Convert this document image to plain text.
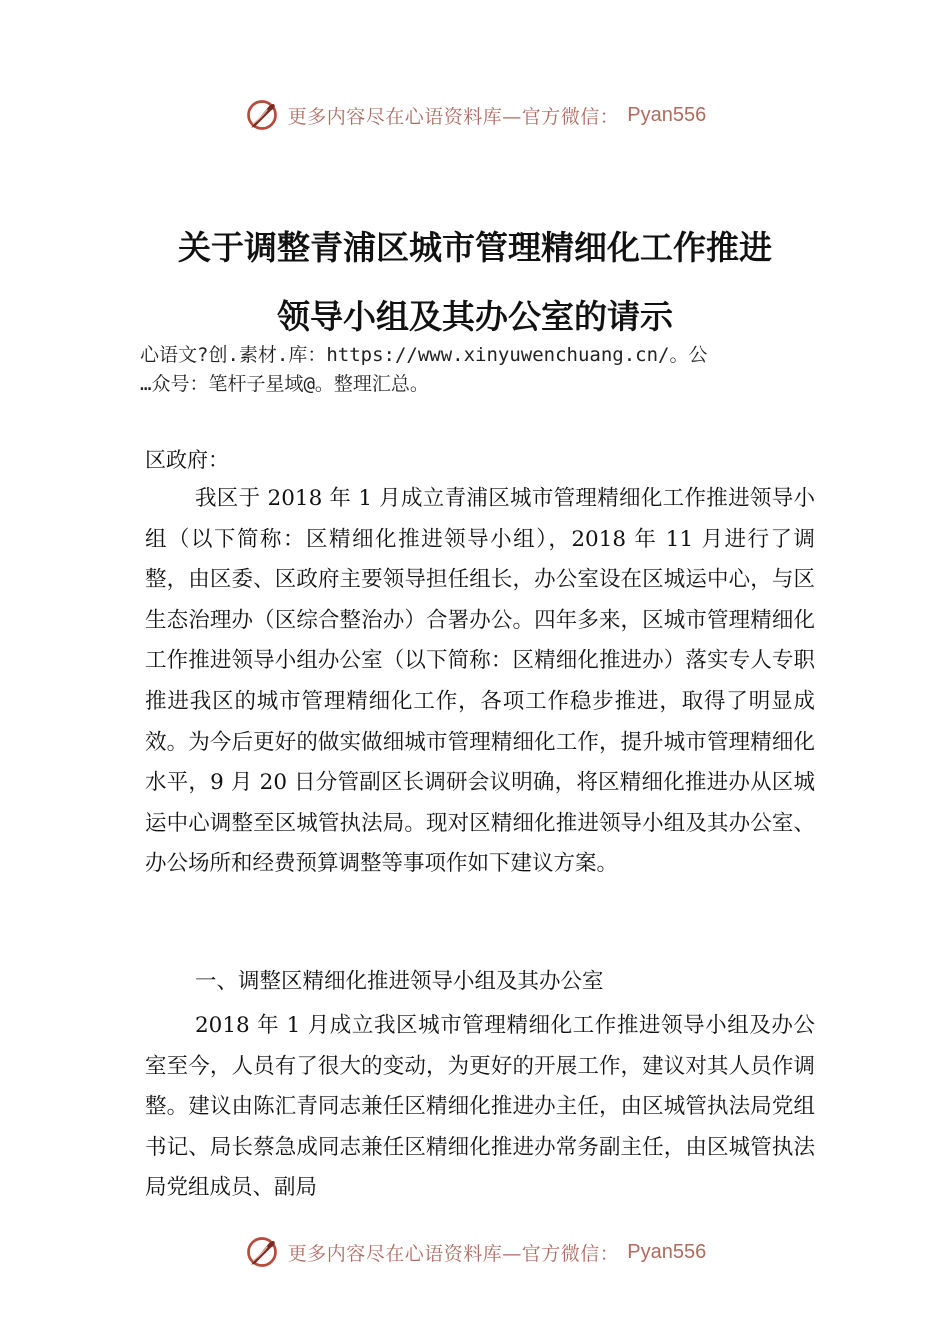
更多内容尽在心语资料库—官方微信： Pyan556
关于调整青浦区城市管理精细化工作推进
领导小组及其办公室的请示
心语文?创.素材.库：https://www.xinyuwenchuang.cn/。公
…众号：笔杆子星域@。整理汇总。
区政府：
我区于 2018 年 1 月成立青浦区城市管理精细化工作推进领导小组（以下简称：区精细化推进领导小组），2018 年 11 月进行了调整，由区委、区政府主要领导担任组长，办公室设在区城运中心，与区生态治理办（区综合整治办）合署办公。四年多来，区城市管理精细化工作推进领导小组办公室（以下简称：区精细化推进办）落实专人专职推进我区的城市管理精细化工作，各项工作稳步推进，取得了明显成效。为今后更好的做实做细城市管理精细化工作，提升城市管理精细化水平，9 月 20 日分管副区长调研会议明确，将区精细化推进办从区城运中心调整至区城管执法局。现对区精细化推进领导小组及其办公室、办公场所和经费预算调整等事项作如下建议方案。
一、调整区精细化推进领导小组及其办公室
2018 年 1 月成立我区城市管理精细化工作推进领导小组及办公室至今，人员有了很大的变动，为更好的开展工作，建议对其人员作调整。建议由陈汇青同志兼任区精细化推进办主任，由区城管执法局党组书记、局长蔡急成同志兼任区精细化推进办常务副主任，由区城管执法局党组成员、副局
更多内容尽在心语资料库—官方微信： Pyan556
